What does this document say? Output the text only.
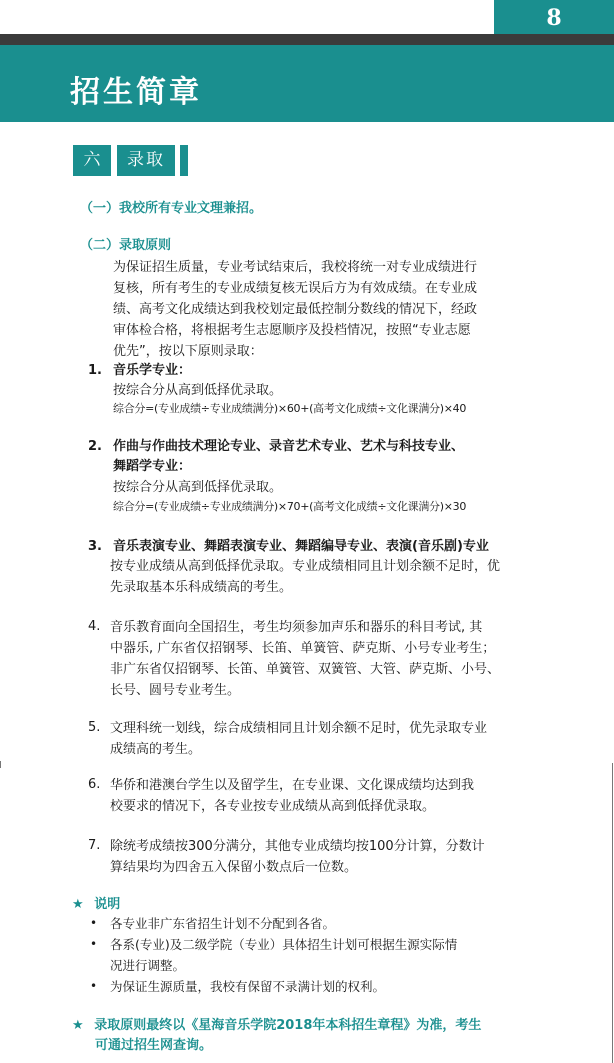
8
招生简章
六	录取
（一）我校所有专业文理兼招。
（二）录取原则
为保证招生质量，专业考试结束后，我校将统一对专业成绩进行
复核，所有考生的专业成绩复核无误后方为有效成绩。在专业成
绩、高考文化成绩达到我校划定最低控制分数线的情况下，经政
审体检合格，将根据考生志愿顺序及投档情况，按照“专业志愿
优先”，按以下原则录取：
1. 音乐学专业：
按综合分从高到低择优录取。
综合分=(专业成绩÷专业成绩满分)×60+(高考文化成绩÷文化课满分)×40
2. 作曲与作曲技术理论专业、录音艺术专业、艺术与科技专业、
舞蹈学专业：
按综合分从高到低择优录取。
综合分=(专业成绩÷专业成绩满分)×70+(高考文化成绩÷文化课满分)×30
3. 音乐表演专业、舞蹈表演专业、舞蹈编导专业、表演(音乐剧)专业
按专业成绩从高到低择优录取。专业成绩相同且计划余额不足时，优
先录取基本乐科成绩高的考生。
4. 音乐教育面向全国招生，考生均须参加声乐和器乐的科目考试, 其
中器乐, 广东省仅招钢琴、长笛、单簧管、萨克斯、小号专业考生；
非广东省仅招钢琴、长笛、单簧管、双簧管、大管、萨克斯、小号、
长号、圆号专业考生。
5. 文理科统一划线，综合成绩相同且计划余额不足时，优先录取专业
成绩高的考生。
6. 华侨和港澳台学生以及留学生，在专业课、文化课成绩均达到我
校要求的情况下，各专业按专业成绩从高到低择优录取。
7. 除统考成绩按300分满分，其他专业成绩均按100分计算，分数计
算结果均为四舍五入保留小数点后一位数。
★ 说明
• 各专业非广东省招生计划不分配到各省。
• 各系(专业)及二级学院（专业）具体招生计划可根据生源实际情
况进行调整。
• 为保证生源质量，我校有保留不录满计划的权利。
★ 录取原则最终以《星海音乐学院2018年本科招生章程》为准，考生
可通过招生网查询。
